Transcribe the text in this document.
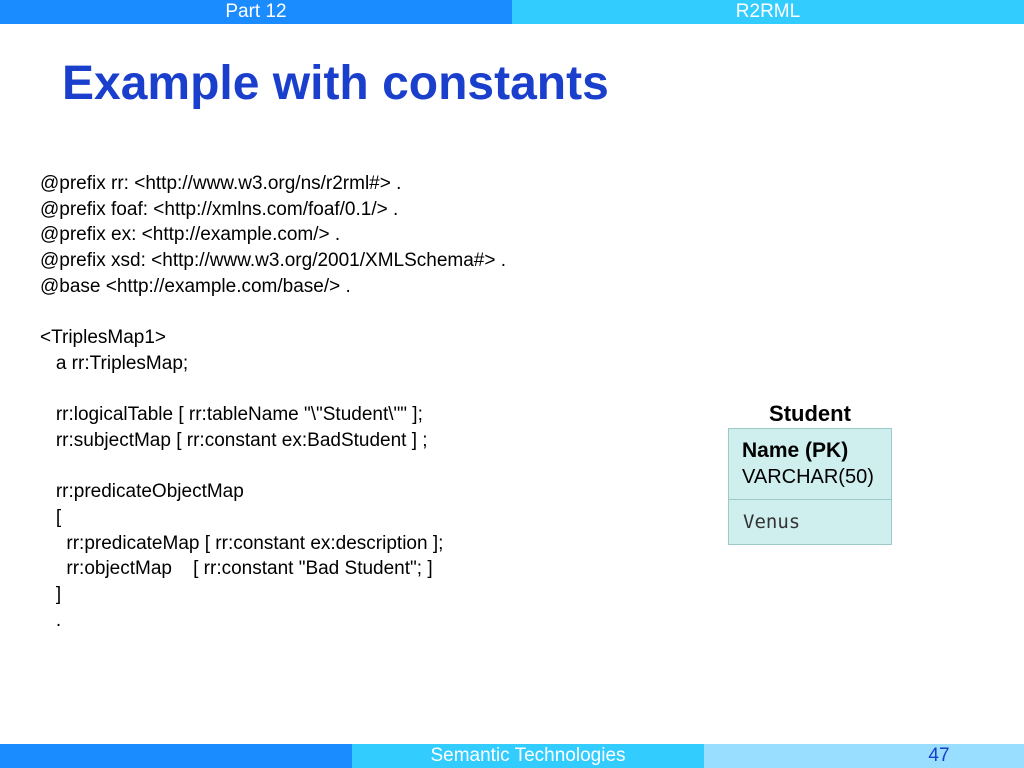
Part 12	R2RML
Example with constants
@prefix rr: <http://www.w3.org/ns/r2rml#> .
@prefix foaf: <http://xmlns.com/foaf/0.1/> .
@prefix ex: <http://example.com/> .
@prefix xsd: <http://www.w3.org/2001/XMLSchema#> .
@base <http://example.com/base/> .
<TriplesMap1>
a rr:TriplesMap;
rr:logicalTable [ rr:tableName "\"Student\"" ];
rr:subjectMap [ rr:constant ex:BadStudent ] ;
rr:predicateObjectMap
[
rr:predicateMap [ rr:constant ex:description ];
rr:objectMap    [ rr:constant "Bad Student"; ]
]
.
Student
Name (PK)
VARCHAR(50)
Venus
Semantic Technologies	47
